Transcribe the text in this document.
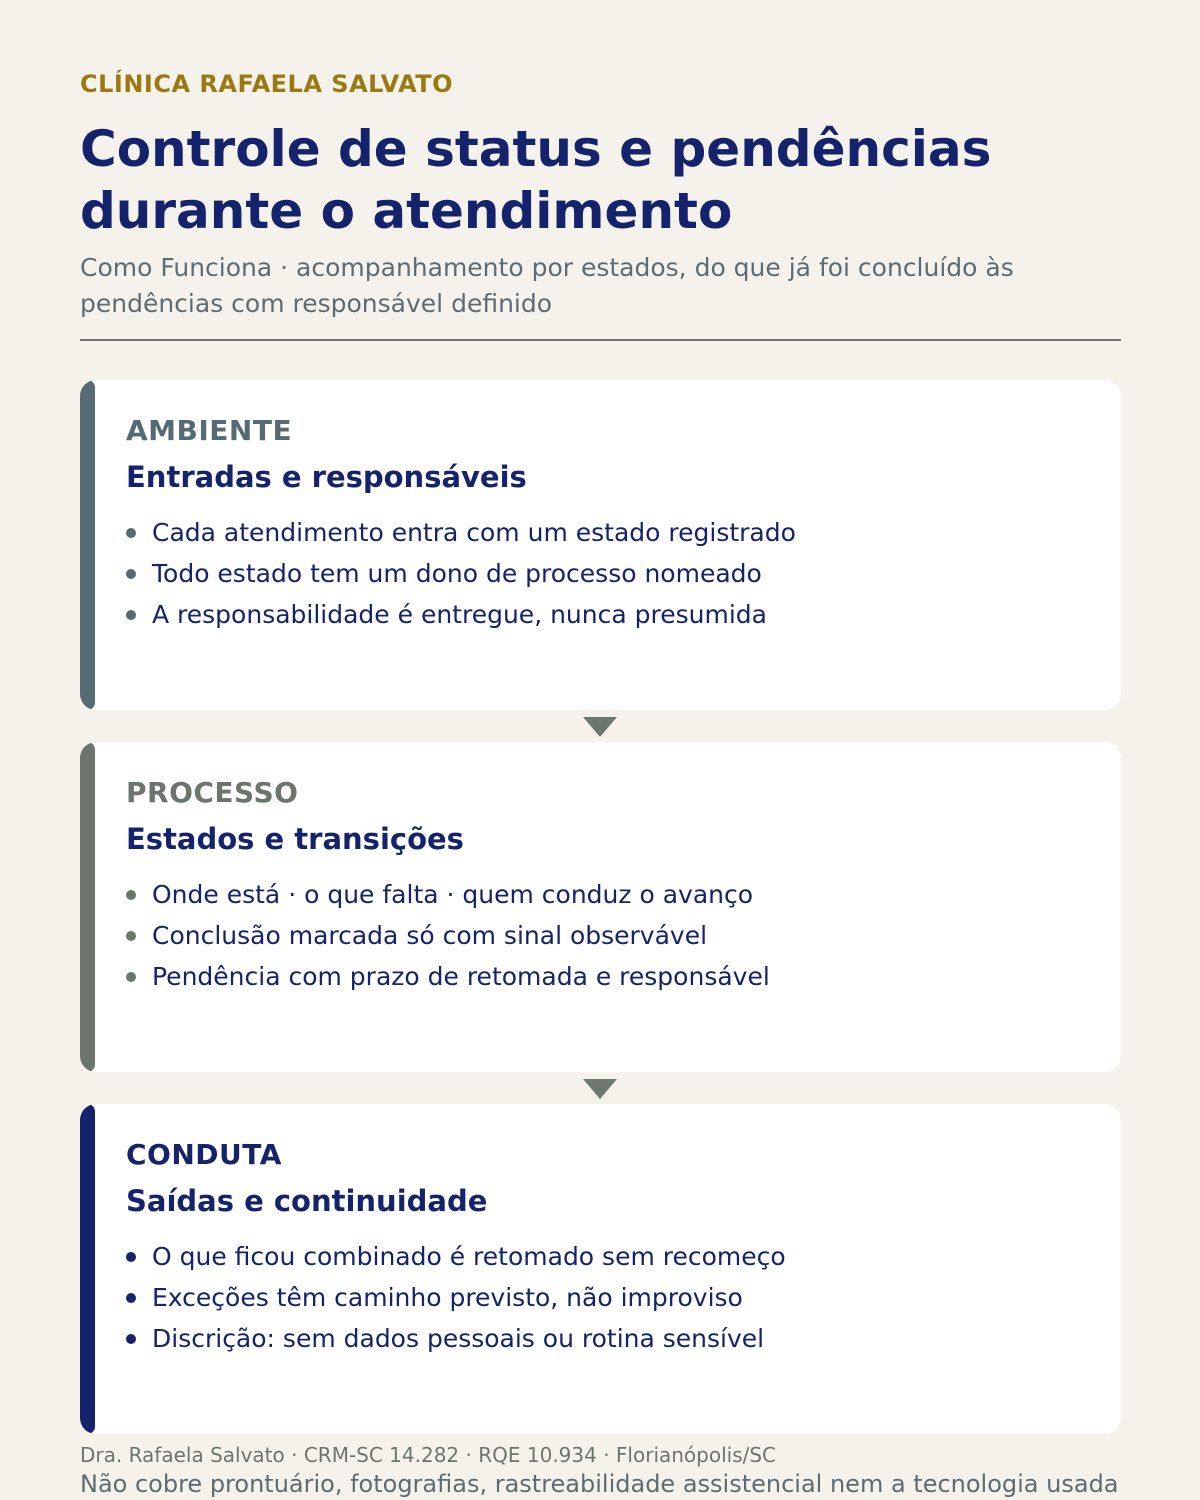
CLÍNICA RAFAELA SALVATO
Controle de status e pendências durante o atendimento

Como Funciona · acompanhamento por estados, do que já foi concluído às pendências com responsável definido

AMBIENTE
Entradas e responsáveis
Cada atendimento entra com um estado registrado
Todo estado tem um dono de processo nomeado
A responsabilidade é entregue, nunca presumida
PROCESSO
Estados e transições
Onde está · o que falta · quem conduz o avanço
Conclusão marcada só com sinal observável
Pendência com prazo de retomada e responsável
CONDUTA
Saídas e continuidade
O que ficou combinado é retomado sem recomeço
Exceções têm caminho previsto, não improviso
Discrição: sem dados pessoais ou rotina sensível
Dra. Rafaela Salvato · CRM-SC 14.282 · RQE 10.934 · Florianópolis/SC
Não cobre prontuário, fotografias, rastreabilidade assistencial nem a tecnologia usada
